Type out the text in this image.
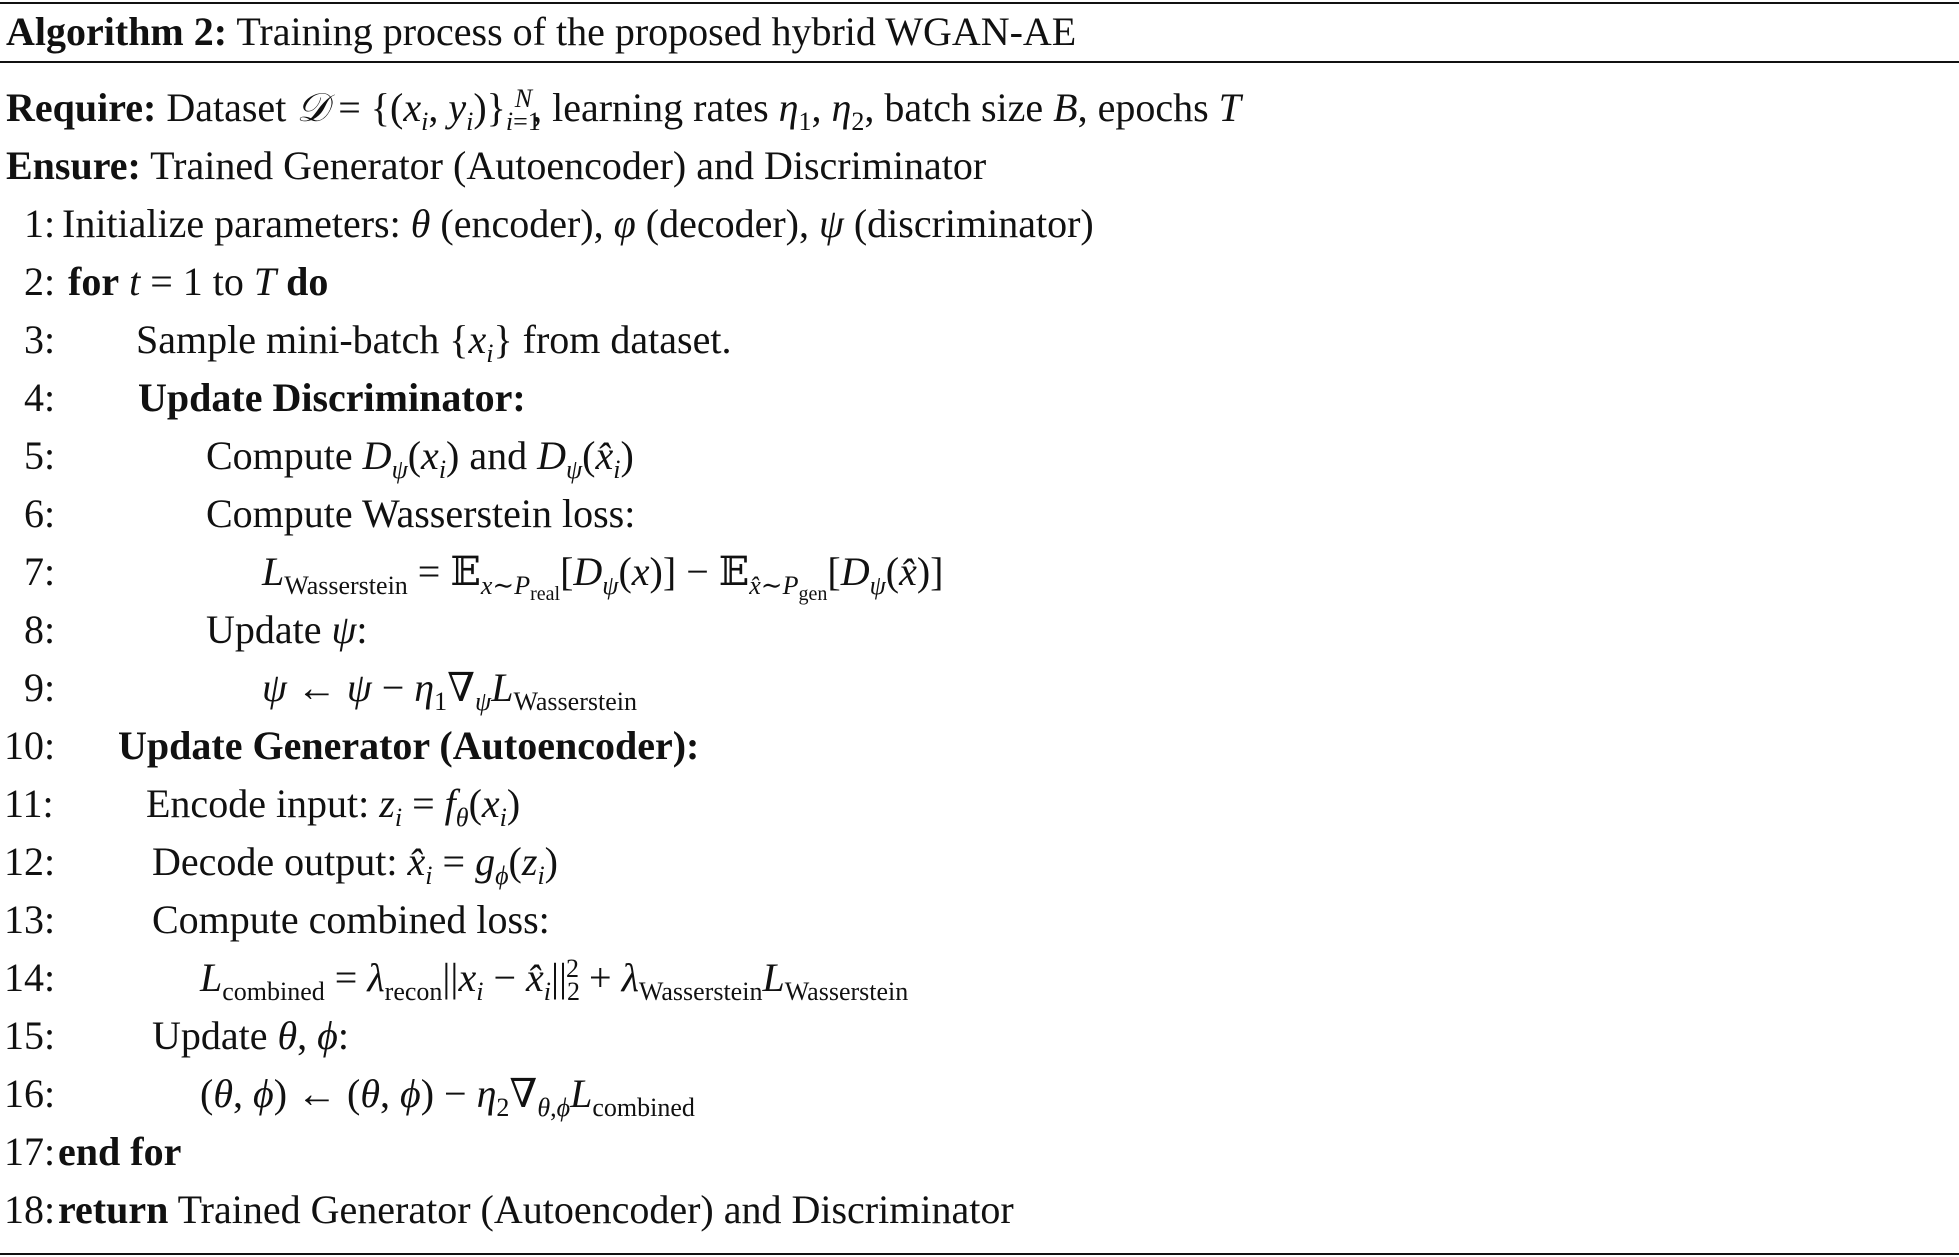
Algorithm 2: Training process of the proposed hybrid WGAN-AE
Require: Dataset 𝒟 = {($x_i$, $y_i)\}_{i=1}^N$, learning rates $\eta_1$, $\eta_2$, batch size B, epochs T
Ensure: Trained Generator (Autoencoder) and Discriminator
1: Initialize parameters: θ (encoder), φ (decoder), ψ (discriminator)
2: for t = 1 to T do
3: Sample mini-batch $\{x_i\}$ from dataset.
4: Update Discriminator:
5:	Compute $D_\psi(x_i)$ and $D_\psi(x̂_i)$
6:	Compute Wasserstein loss:
7:	$L_{Wasserstein}$ = $𝔼_{x\sim P_{real}}[D_\psi(x)]$ − $𝔼_{x̂\sim P_{gen}}[D_\psi(x̂)]$
8:	Update ψ:
9:	ψ ← $\psi - \eta_1\nabla_\psi L_{Wasserstein}$
10: Update Generator (Autoencoder):
11: Encode input: $z_i = f_\theta(x_i)$
12: Decode output: $x̂_i = g_\phi(z_i)$
13: Compute combined loss:
14:	$L_{combined} = \lambda_{recon}||x_i$ − $x̂_i||_2^2 + \lambda_{Wasserstein}L_{Wasserstein}$
15: Update θ, ϕ:
16:	(θ, ϕ) ← (θ, $\phi) - \eta_2\nabla_{\theta,\phi}L_{combined}$
17: end for
18: return Trained Generator (Autoencoder) and Discriminator
